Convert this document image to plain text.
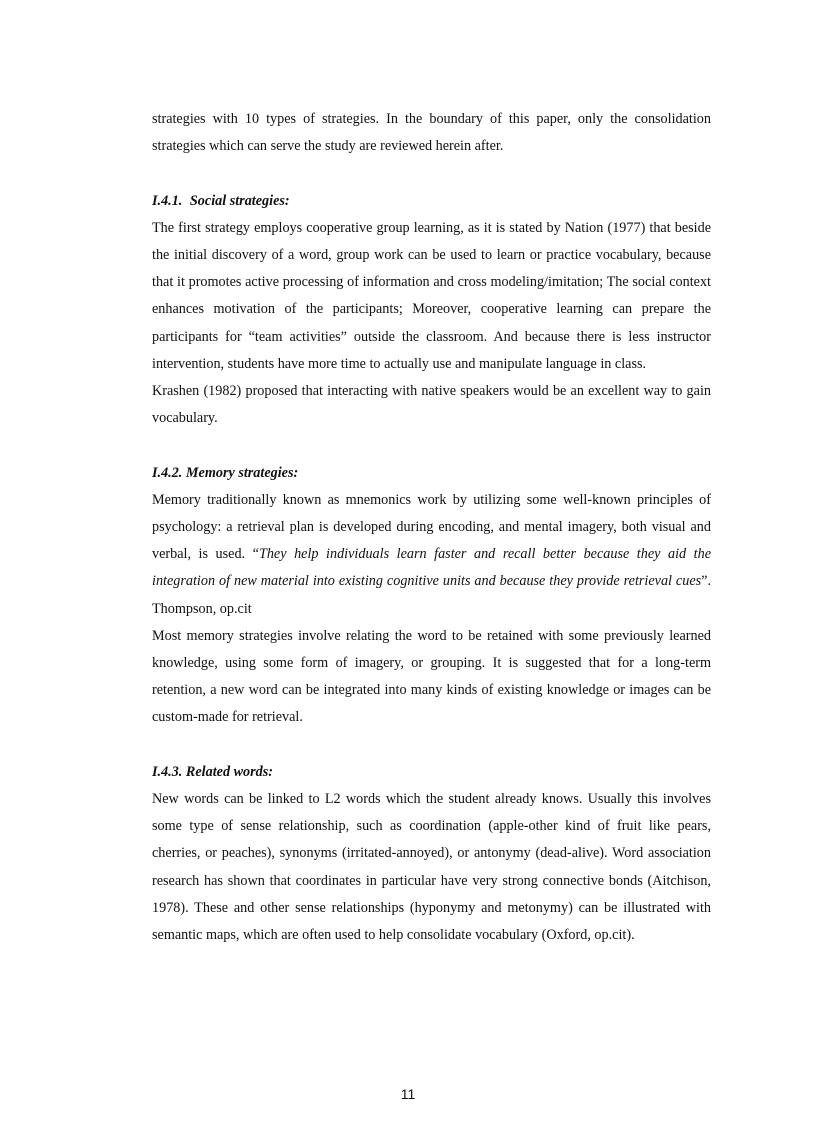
strategies with 10 types of strategies. In the boundary of this paper, only the consolidation strategies which can serve the study are reviewed herein after.

I.4.1. Social strategies:

The first strategy employs cooperative group learning, as it is stated by Nation (1977) that beside the initial discovery of a word, group work can be used to learn or practice vocabulary, because that it promotes active processing of information and cross modeling/imitation; The social context enhances motivation of the participants; Moreover, cooperative learning can prepare the participants for “team activities” outside the classroom. And because there is less instructor intervention, students have more time to actually use and manipulate language in class.

Krashen (1982) proposed that interacting with native speakers would be an excellent way to gain vocabulary.

I.4.2. Memory strategies:

Memory traditionally known as mnemonics work by utilizing some well-known principles of psychology: a retrieval plan is developed during encoding, and mental imagery, both visual and verbal, is used. “They help individuals learn faster and recall better because they aid the integration of new material into existing cognitive units and because they provide retrieval cues”. Thompson, op.cit

Most memory strategies involve relating the word to be retained with some previously learned knowledge, using some form of imagery, or grouping. It is suggested that for a long-term retention, a new word can be integrated into many kinds of existing knowledge or images can be custom-made for retrieval.

I.4.3. Related words:

New words can be linked to L2 words which the student already knows. Usually this involves some type of sense relationship, such as coordination (apple-other kind of fruit like pears, cherries, or peaches), synonyms (irritated-annoyed), or antonymy (dead-alive). Word association research has shown that coordinates in particular have very strong connective bonds (Aitchison, 1978). These and other sense relationships (hyponymy and metonymy) can be illustrated with semantic maps, which are often used to help consolidate vocabulary (Oxford, op.cit).

11
